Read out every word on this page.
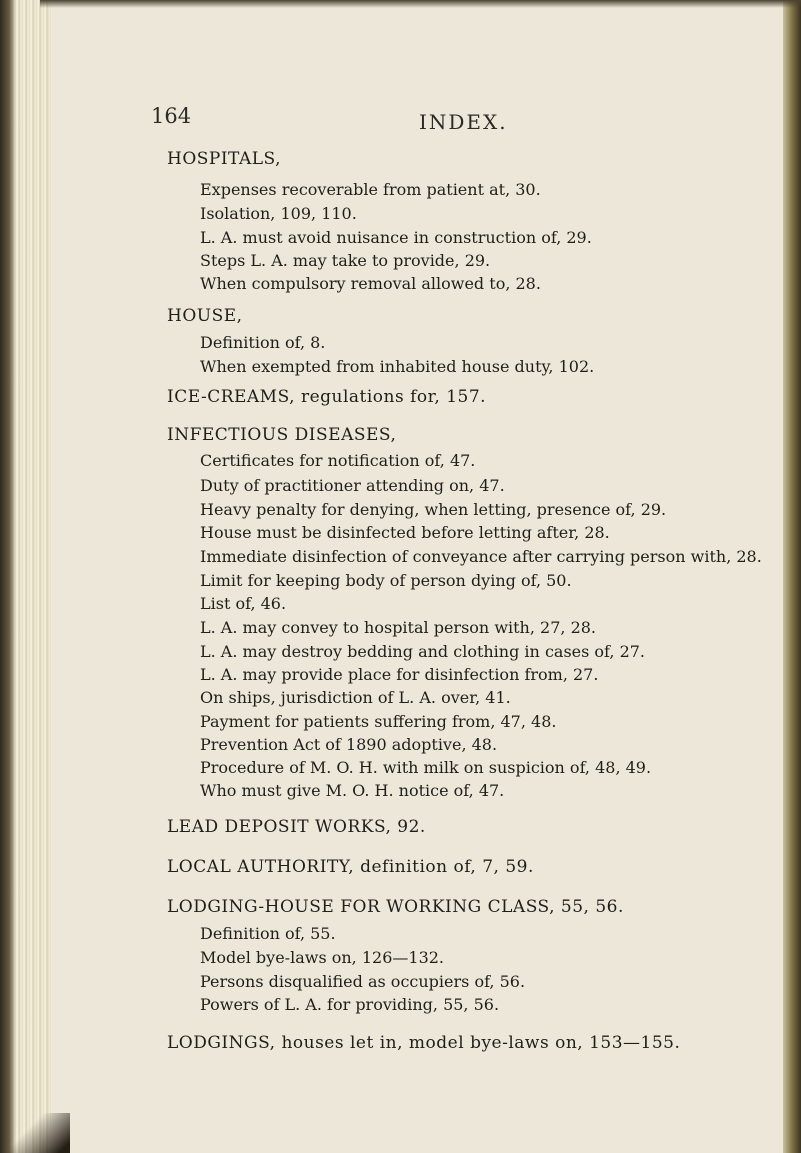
164	INDEX.
HOSPITALS,
Expenses recoverable from patient at, 30.
Isolation, 109, 110.
L. A. must avoid nuisance in construction of, 29.
Steps L. A. may take to provide, 29.
When compulsory removal allowed to, 28.
HOUSE,
Definition of, 8.
When exempted from inhabited house duty, 102.
ICE-CREAMS, regulations for, 157.
INFECTIOUS DISEASES,
Certificates for notification of, 47.
Duty of practitioner attending on, 47.
Heavy penalty for denying, when letting, presence of, 29.
House must be disinfected before letting after, 28.
Immediate disinfection of conveyance after carrying person with, 28.
Limit for keeping body of person dying of, 50.
List of, 46.
L. A. may convey to hospital person with, 27, 28.
L. A. may destroy bedding and clothing in cases of, 27.
L. A. may provide place for disinfection from, 27.
On ships, jurisdiction of L. A. over, 41.
Payment for patients suffering from, 47, 48.
Prevention Act of 1890 adoptive, 48.
Procedure of M. O. H. with milk on suspicion of, 48, 49.
Who must give M. O. H. notice of, 47.
LEAD DEPOSIT WORKS, 92.
LOCAL AUTHORITY, definition of, 7, 59.
LODGING-HOUSE FOR WORKING CLASS, 55, 56.
Definition of, 55.
Model bye-laws on, 126—132.
Persons disqualified as occupiers of, 56.
Powers of L. A. for providing, 55, 56.
LODGINGS, houses let in, model bye-laws on, 153—155.
